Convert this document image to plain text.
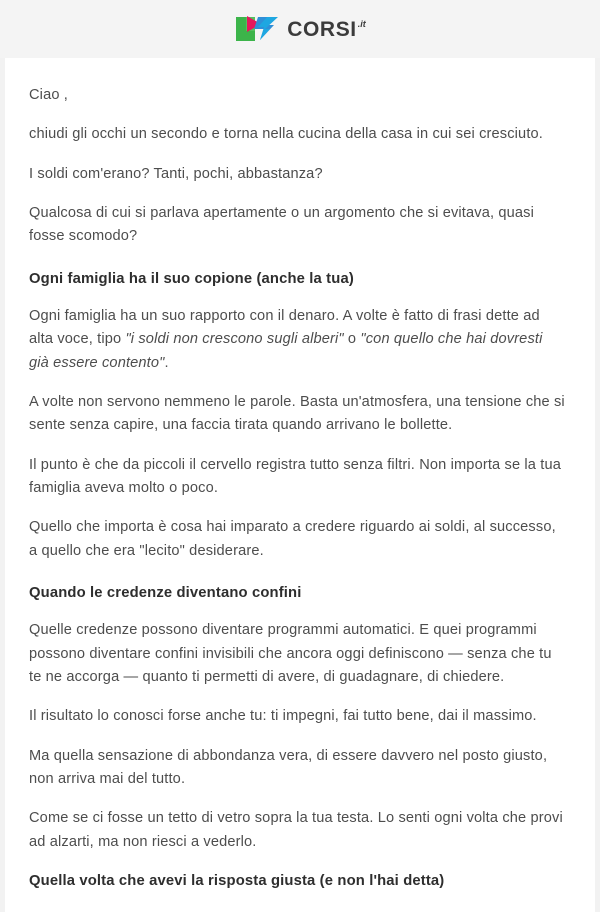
CORSI .it

Ciao ,

chiudi gli occhi un secondo e torna nella cucina della casa in cui sei cresciuto.

I soldi com'erano? Tanti, pochi, abbastanza?

Qualcosa di cui si parlava apertamente o un argomento che si evitava, quasi fosse scomodo?

Ogni famiglia ha il suo copione (anche la tua)

Ogni famiglia ha un suo rapporto con il denaro. A volte è fatto di frasi dette ad alta voce, tipo "i soldi non crescono sugli alberi" o "con quello che hai dovresti già essere contento".

A volte non servono nemmeno le parole. Basta un'atmosfera, una tensione che si sente senza capire, una faccia tirata quando arrivano le bollette.

Il punto è che da piccoli il cervello registra tutto senza filtri. Non importa se la tua famiglia aveva molto o poco.

Quello che importa è cosa hai imparato a credere riguardo ai soldi, al successo, a quello che era "lecito" desiderare.

Quando le credenze diventano confini

Quelle credenze possono diventare programmi automatici. E quei programmi possono diventare confini invisibili che ancora oggi definiscono — senza che tu te ne accorga — quanto ti permetti di avere, di guadagnare, di chiedere.

Il risultato lo conosci forse anche tu: ti impegni, fai tutto bene, dai il massimo.

Ma quella sensazione di abbondanza vera, di essere davvero nel posto giusto, non arriva mai del tutto.

Come se ci fosse un tetto di vetro sopra la tua testa. Lo senti ogni volta che provi ad alzarti, ma non riesci a vederlo.

Quella volta che avevi la risposta giusta (e non l'hai detta)
